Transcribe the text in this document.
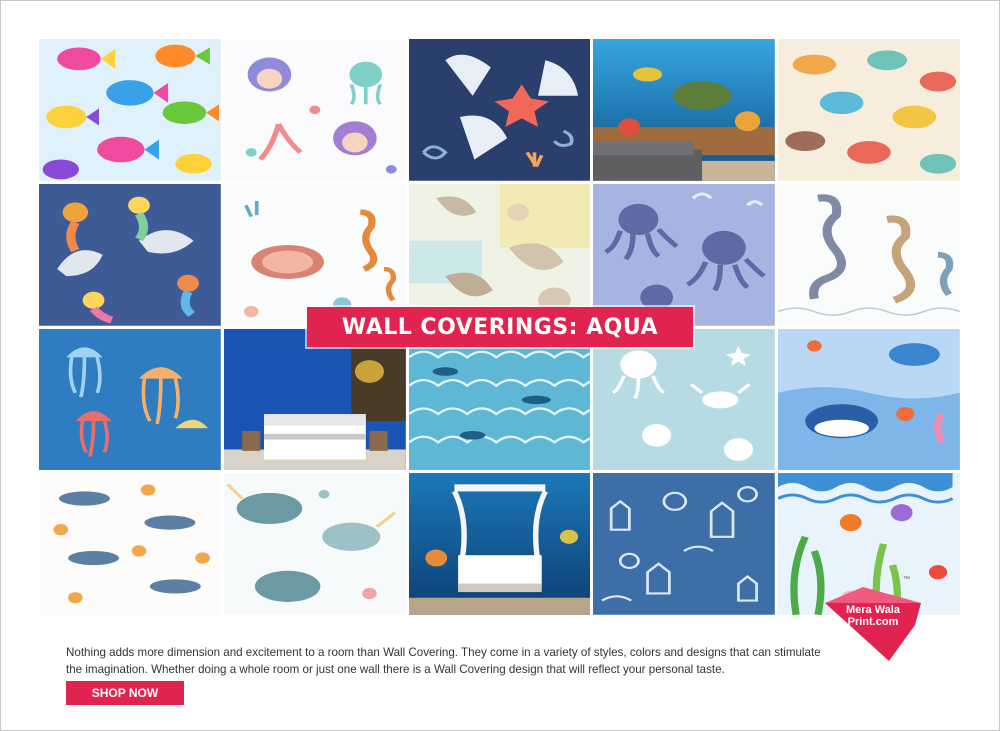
WALL COVERINGS: AQUA

Nothing adds more dimension and excitement to a room than Wall Covering. They come in a variety of styles, colors and designs that can stimulate the imagination. Whether doing a whole room or just one wall there is a Wall Covering design that will reflect your personal taste.

SHOP NOW
Mera Wala
Print.com
™
